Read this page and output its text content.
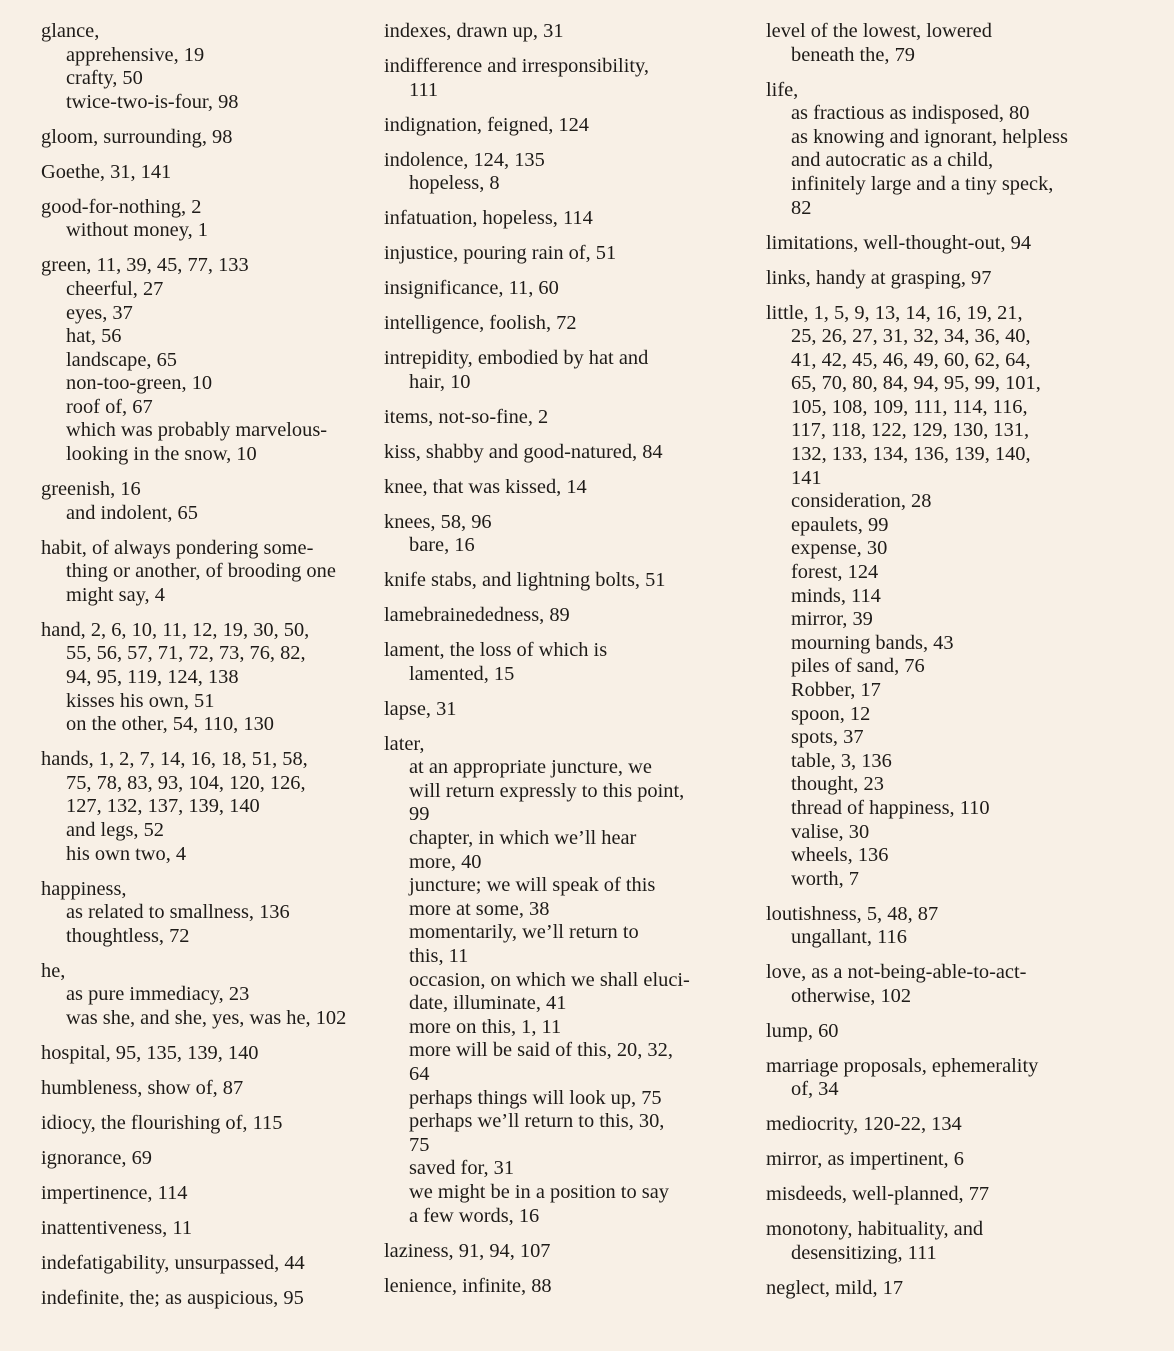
glance,
apprehensive, 19
crafty, 50
twice-two-is-four, 98
gloom, surrounding, 98
Goethe, 31, 141
good-for-nothing, 2
without money, 1
green, 11, 39, 45, 77, 133
cheerful, 27
eyes, 37
hat, 56
landscape, 65
non-too-green, 10
roof of, 67
which was probably marvelous-
looking in the snow, 10
greenish, 16
and indolent, 65
habit, of always pondering some-
thing or another, of brooding one
might say, 4
hand, 2, 6, 10, 11, 12, 19, 30, 50,
55, 56, 57, 71, 72, 73, 76, 82,
94, 95, 119, 124, 138
kisses his own, 51
on the other, 54, 110, 130
hands, 1, 2, 7, 14, 16, 18, 51, 58,
75, 78, 83, 93, 104, 120, 126,
127, 132, 137, 139, 140
and legs, 52
his own two, 4
happiness,
as related to smallness, 136
thoughtless, 72
he,
as pure immediacy, 23
was she, and she, yes, was he, 102
hospital, 95, 135, 139, 140
humbleness, show of, 87
idiocy, the flourishing of, 115
ignorance, 69
impertinence, 114
inattentiveness, 11
indefatigability, unsurpassed, 44
indefinite, the; as auspicious, 95
indexes, drawn up, 31
indifference and irresponsibility,
111
indignation, feigned, 124
indolence, 124, 135
hopeless, 8
infatuation, hopeless, 114
injustice, pouring rain of, 51
insignificance, 11, 60
intelligence, foolish, 72
intrepidity, embodied by hat and
hair, 10
items, not-so-fine, 2
kiss, shabby and good-natured, 84
knee, that was kissed, 14
knees, 58, 96
bare, 16
knife stabs, and lightning bolts, 51
lamebrainededness, 89
lament, the loss of which is
lamented, 15
lapse, 31
later,
at an appropriate juncture, we
will return expressly to this point,
99
chapter, in which we’ll hear
more, 40
juncture; we will speak of this
more at some, 38
momentarily, we’ll return to
this, 11
occasion, on which we shall eluci-
date, illuminate, 41
more on this, 1, 11
more will be said of this, 20, 32,
64
perhaps things will look up, 75
perhaps we’ll return to this, 30,
75
saved for, 31
we might be in a position to say
a few words, 16
laziness, 91, 94, 107
lenience, infinite, 88
level of the lowest, lowered
beneath the, 79
life,
as fractious as indisposed, 80
as knowing and ignorant, helpless
and autocratic as a child,
infinitely large and a tiny speck,
82
limitations, well-thought-out, 94
links, handy at grasping, 97
little, 1, 5, 9, 13, 14, 16, 19, 21,
25, 26, 27, 31, 32, 34, 36, 40,
41, 42, 45, 46, 49, 60, 62, 64,
65, 70, 80, 84, 94, 95, 99, 101,
105, 108, 109, 111, 114, 116,
117, 118, 122, 129, 130, 131,
132, 133, 134, 136, 139, 140,
141
consideration, 28
epaulets, 99
expense, 30
forest, 124
minds, 114
mirror, 39
mourning bands, 43
piles of sand, 76
Robber, 17
spoon, 12
spots, 37
table, 3, 136
thought, 23
thread of happiness, 110
valise, 30
wheels, 136
worth, 7
loutishness, 5, 48, 87
ungallant, 116
love, as a not-being-able-to-act-
otherwise, 102
lump, 60
marriage proposals, ephemerality
of, 34
mediocrity, 120-22, 134
mirror, as impertinent, 6
misdeeds, well-planned, 77
monotony, habituality, and
desensitizing, 111
neglect, mild, 17
